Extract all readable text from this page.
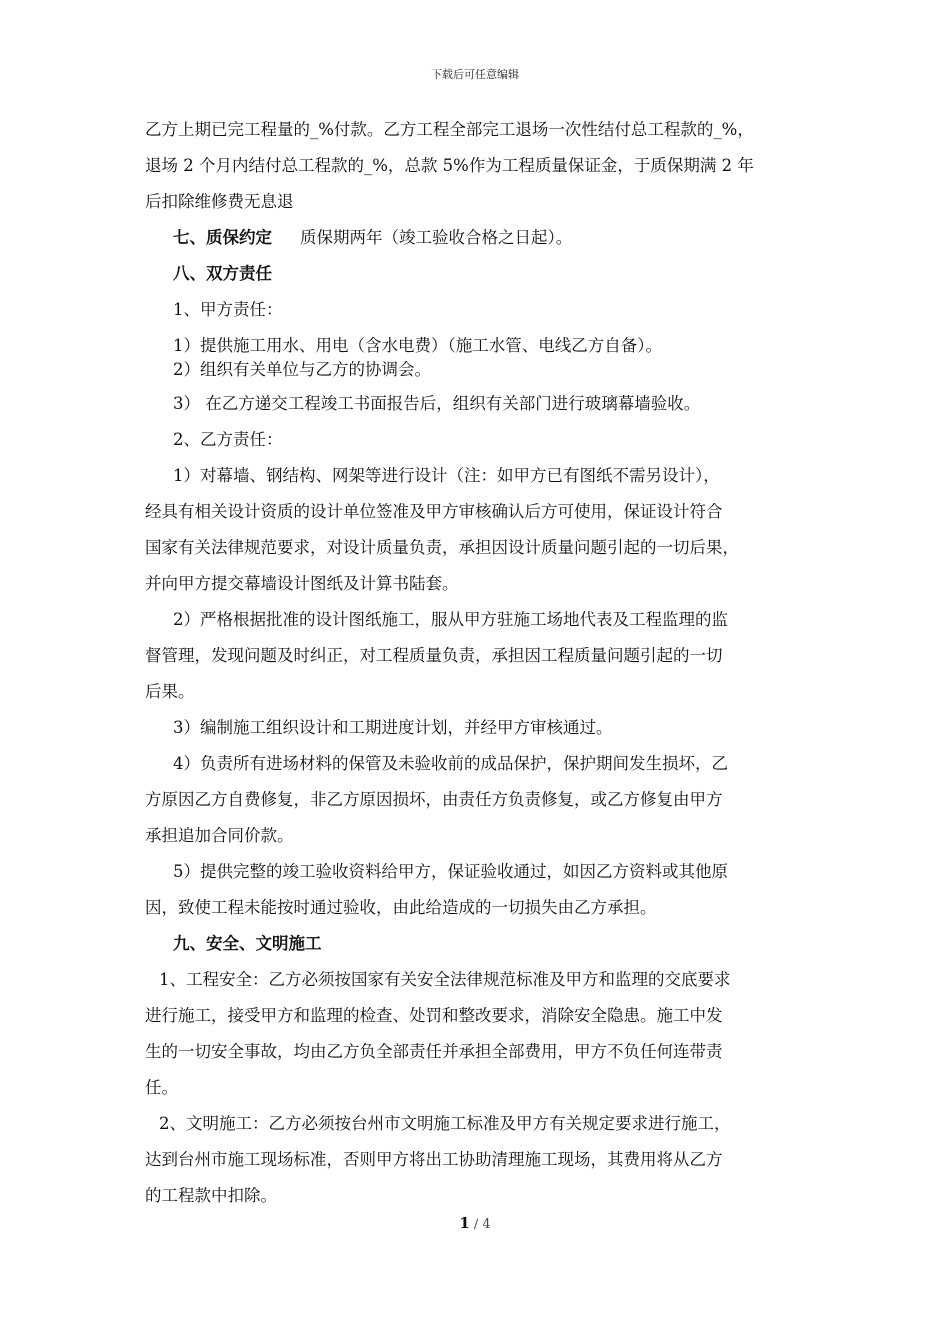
下载后可任意编辑
乙方上期已完工程量的_%付款。乙方工程全部完工退场一次性结付总工程款的_%，
退场 2 个月内结付总工程款的_%，总款 5%作为工程质量保证金，于质保期满 2 年
后扣除维修费无息退
七、质保约定 质保期两年（竣工验收合格之日起）。
八、双方责任
1、甲方责任：
1）提供施工用水、用电（含水电费）（施工水管、电线乙方自备）。
2）组织有关单位与乙方的协调会。
3） 在乙方递交工程竣工书面报告后，组织有关部门进行玻璃幕墙验收。
2、乙方责任：
1）对幕墙、钢结构、网架等进行设计（注：如甲方已有图纸不需另设计），
经具有相关设计资质的设计单位签准及甲方审核确认后方可使用，保证设计符合
国家有关法律规范要求，对设计质量负责，承担因设计质量问题引起的一切后果，
并向甲方提交幕墙设计图纸及计算书陆套。
2）严格根据批准的设计图纸施工，服从甲方驻施工场地代表及工程监理的监
督管理，发现问题及时纠正，对工程质量负责，承担因工程质量问题引起的一切
后果。
3）编制施工组织设计和工期进度计划，并经甲方审核通过。
4）负责所有进场材料的保管及未验收前的成品保护，保护期间发生损坏，乙
方原因乙方自费修复，非乙方原因损坏，由责任方负责修复，或乙方修复由甲方
承担追加合同价款。
5）提供完整的竣工验收资料给甲方，保证验收通过，如因乙方资料或其他原
因，致使工程未能按时通过验收，由此给造成的一切损失由乙方承担。
九、安全、文明施工
1、工程安全：乙方必须按国家有关安全法律规范标准及甲方和监理的交底要求
进行施工，接受甲方和监理的检查、处罚和整改要求，消除安全隐患。施工中发
生的一切安全事故，均由乙方负全部责任并承担全部费用，甲方不负任何连带责
任。
2、文明施工：乙方必须按台州市文明施工标准及甲方有关规定要求进行施工，
达到台州市施工现场标准，否则甲方将出工协助清理施工现场，其费用将从乙方
的工程款中扣除。
1 / 4
